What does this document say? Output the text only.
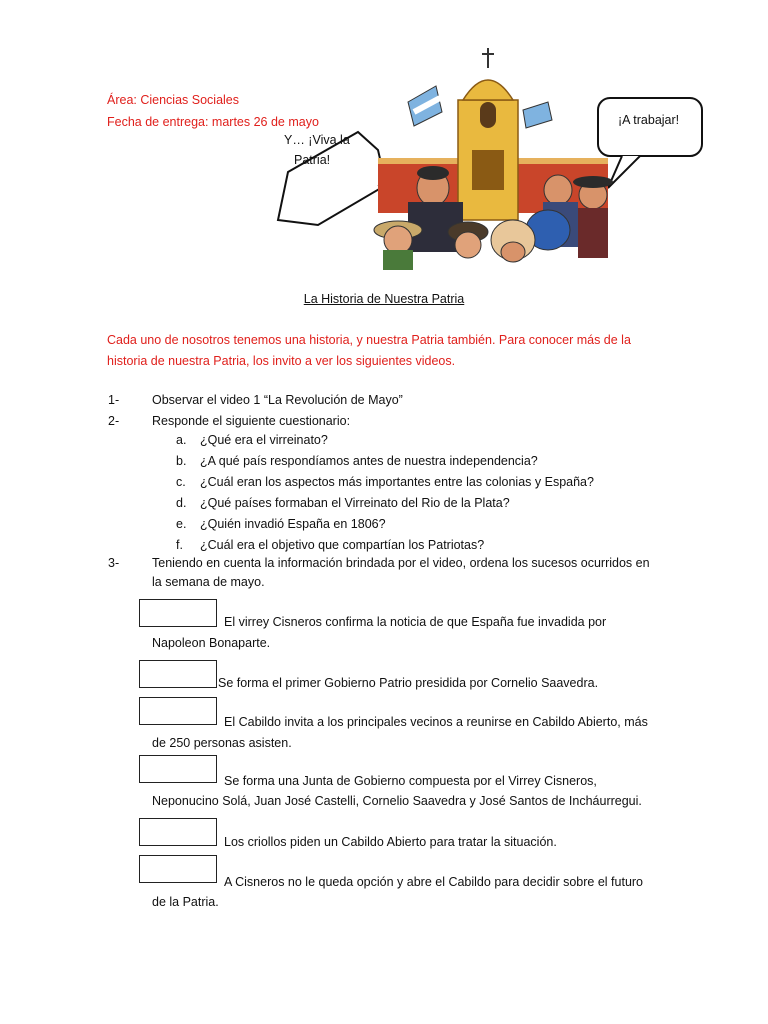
Área: Ciencias Sociales
Fecha de entrega: martes 26 de mayo
Y… ¡Viva la
Patria!
¡A trabajar!
La Historia de Nuestra Patria
Cada uno de nosotros tenemos una historia, y nuestra Patria también. Para conocer más de la historia de nuestra Patria, los invito a ver los siguientes videos.
1-	Observar el video 1 “La Revolución de Mayo”
2-	Responde el siguiente cuestionario:
a. ¿Qué era el virreinato?
b. ¿A qué país respondíamos antes de nuestra independencia?
c. ¿Cuál eran los aspectos más importantes entre las colonias y España?
d. ¿Qué países formaban el Virreinato del Rio de la Plata?
e. ¿Quién invadió España en 1806?
f. ¿Cuál era el objetivo que compartían los Patriotas?
3-	Teniendo en cuenta la información brindada por el video, ordena los sucesos ocurridos en
la semana de mayo.
El virrey Cisneros confirma la noticia de que España fue invadida por
Napoleon Bonaparte.
Se forma el primer Gobierno Patrio presidida por Cornelio Saavedra.
El Cabildo invita a los principales vecinos a reunirse en Cabildo Abierto, más
de 250 personas asisten.
Se forma una Junta de Gobierno compuesta por el Virrey Cisneros,
Neponucino Solá, Juan José Castelli, Cornelio Saavedra y José Santos de Incháurregui.
Los criollos piden un Cabildo Abierto para tratar la situación.
A Cisneros no le queda opción y abre el Cabildo para decidir sobre el futuro
de la Patria.
